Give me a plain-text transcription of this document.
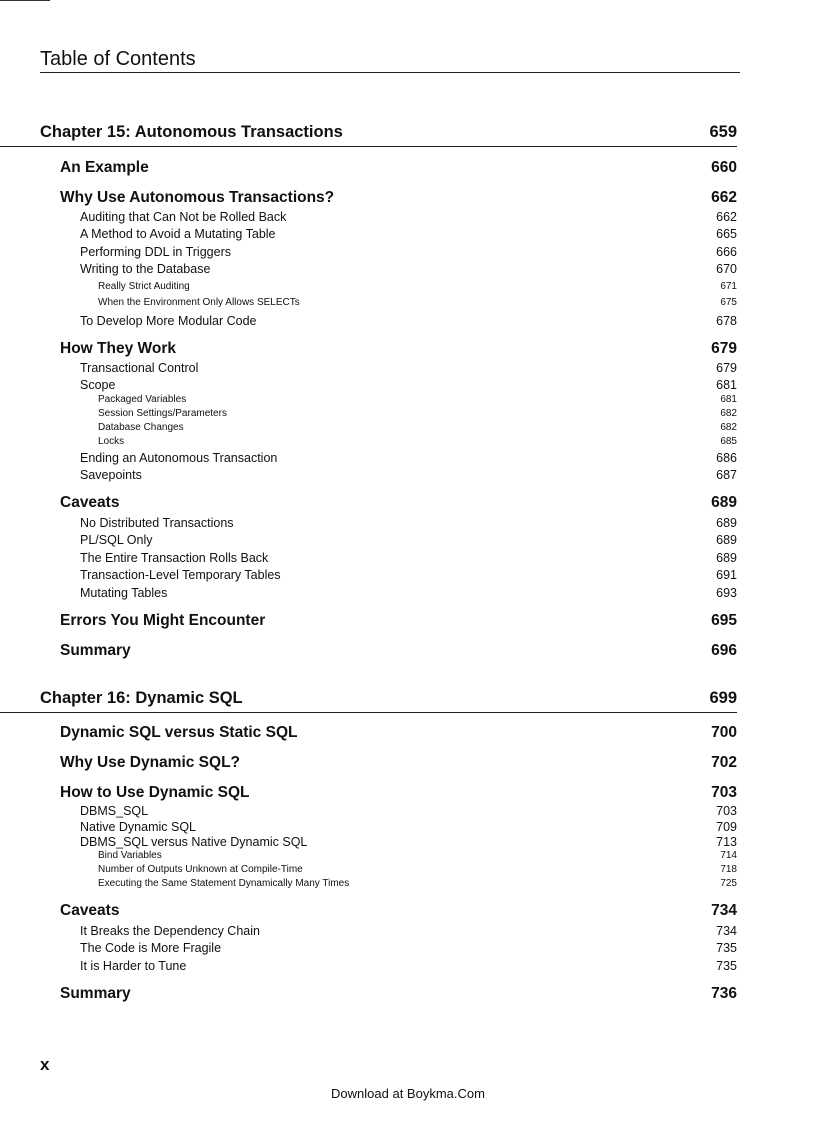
Table of Contents
Chapter 15: Autonomous Transactions	659
An Example	660
Why Use Autonomous Transactions?	662
Auditing that Can Not be Rolled Back	662
A Method to Avoid a Mutating Table	665
Performing DDL in Triggers	666
Writing to the Database	670
Really Strict Auditing	671
When the Environment Only Allows SELECTs	675
To Develop More Modular Code	678
How They Work	679
Transactional Control	679
Scope	681
Packaged Variables	681
Session Settings/Parameters	682
Database Changes	682
Locks	685
Ending an Autonomous Transaction	686
Savepoints	687
Caveats	689
No Distributed Transactions	689
PL/SQL Only	689
The Entire Transaction Rolls Back	689
Transaction-Level Temporary Tables	691
Mutating Tables	693
Errors You Might Encounter	695
Summary	696
Chapter 16: Dynamic SQL	699
Dynamic SQL versus Static SQL	700
Why Use Dynamic SQL?	702
How to Use Dynamic SQL	703
DBMS_SQL	703
Native Dynamic SQL	709
DBMS_SQL versus Native Dynamic SQL	713
Bind Variables	714
Number of Outputs Unknown at Compile-Time	718
Executing the Same Statement Dynamically Many Times	725
Caveats	734
It Breaks the Dependency Chain	734
The Code is More Fragile	735
It is Harder to Tune	735
Summary	736
x
Download at Boykma.Com
